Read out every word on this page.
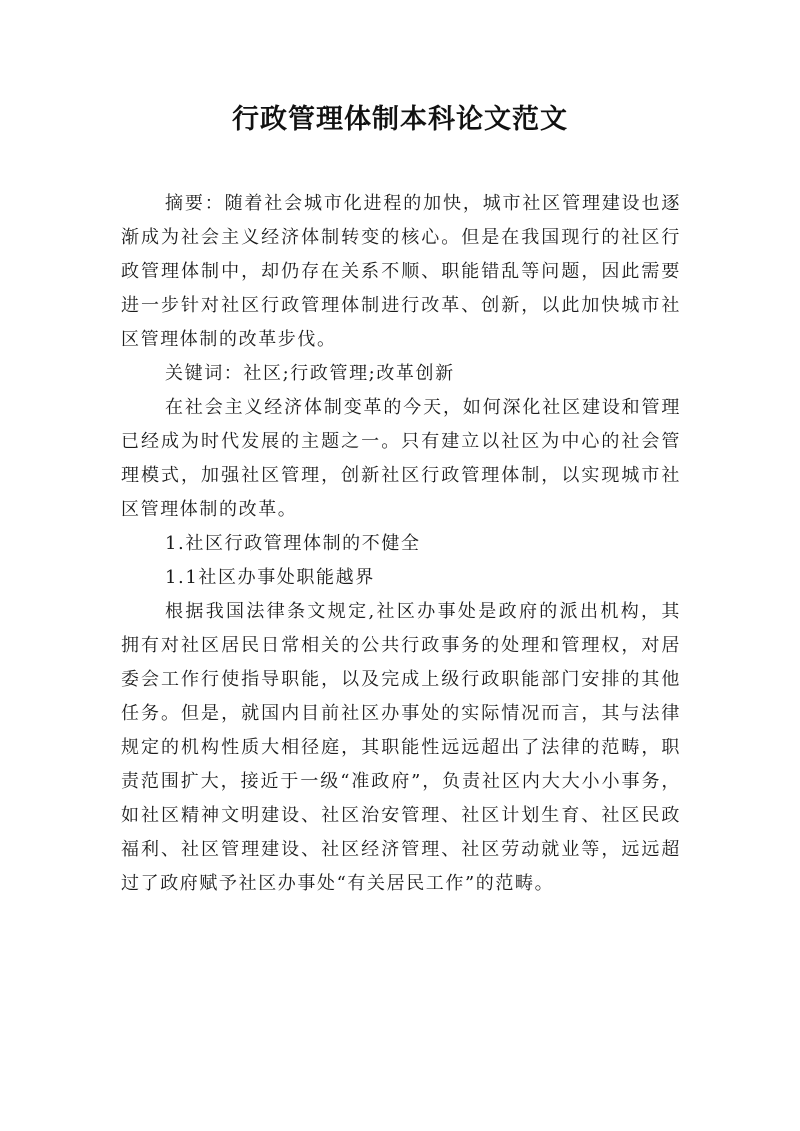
行政管理体制本科论文范文

摘要：随着社会城市化进程的加快，城市社区管理建设也逐渐成为社会主义经济体制转变的核心。但是在我国现行的社区行政管理体制中，却仍存在关系不顺、职能错乱等问题，因此需要进一步针对社区行政管理体制进行改革、创新，以此加快城市社区管理体制的改革步伐。

关键词：社区;行政管理;改革创新

在社会主义经济体制变革的今天，如何深化社区建设和管理已经成为时代发展的主题之一。只有建立以社区为中心的社会管理模式，加强社区管理，创新社区行政管理体制，以实现城市社区管理体制的改革。

1.社区行政管理体制的不健全

1.1社区办事处职能越界

根据我国法律条文规定,社区办事处是政府的派出机构，其拥有对社区居民日常相关的公共行政事务的处理和管理权，对居委会工作行使指导职能，以及完成上级行政职能部门安排的其他任务。但是，就国内目前社区办事处的实际情况而言，其与法律规定的机构性质大相径庭，其职能性远远超出了法律的范畴，职责范围扩大，接近于一级“准政府”，负责社区内大大小小事务，如社区精神文明建设、社区治安管理、社区计划生育、社区民政福利、社区管理建设、社区经济管理、社区劳动就业等，远远超过了政府赋予社区办事处“有关居民工作”的范畴。
